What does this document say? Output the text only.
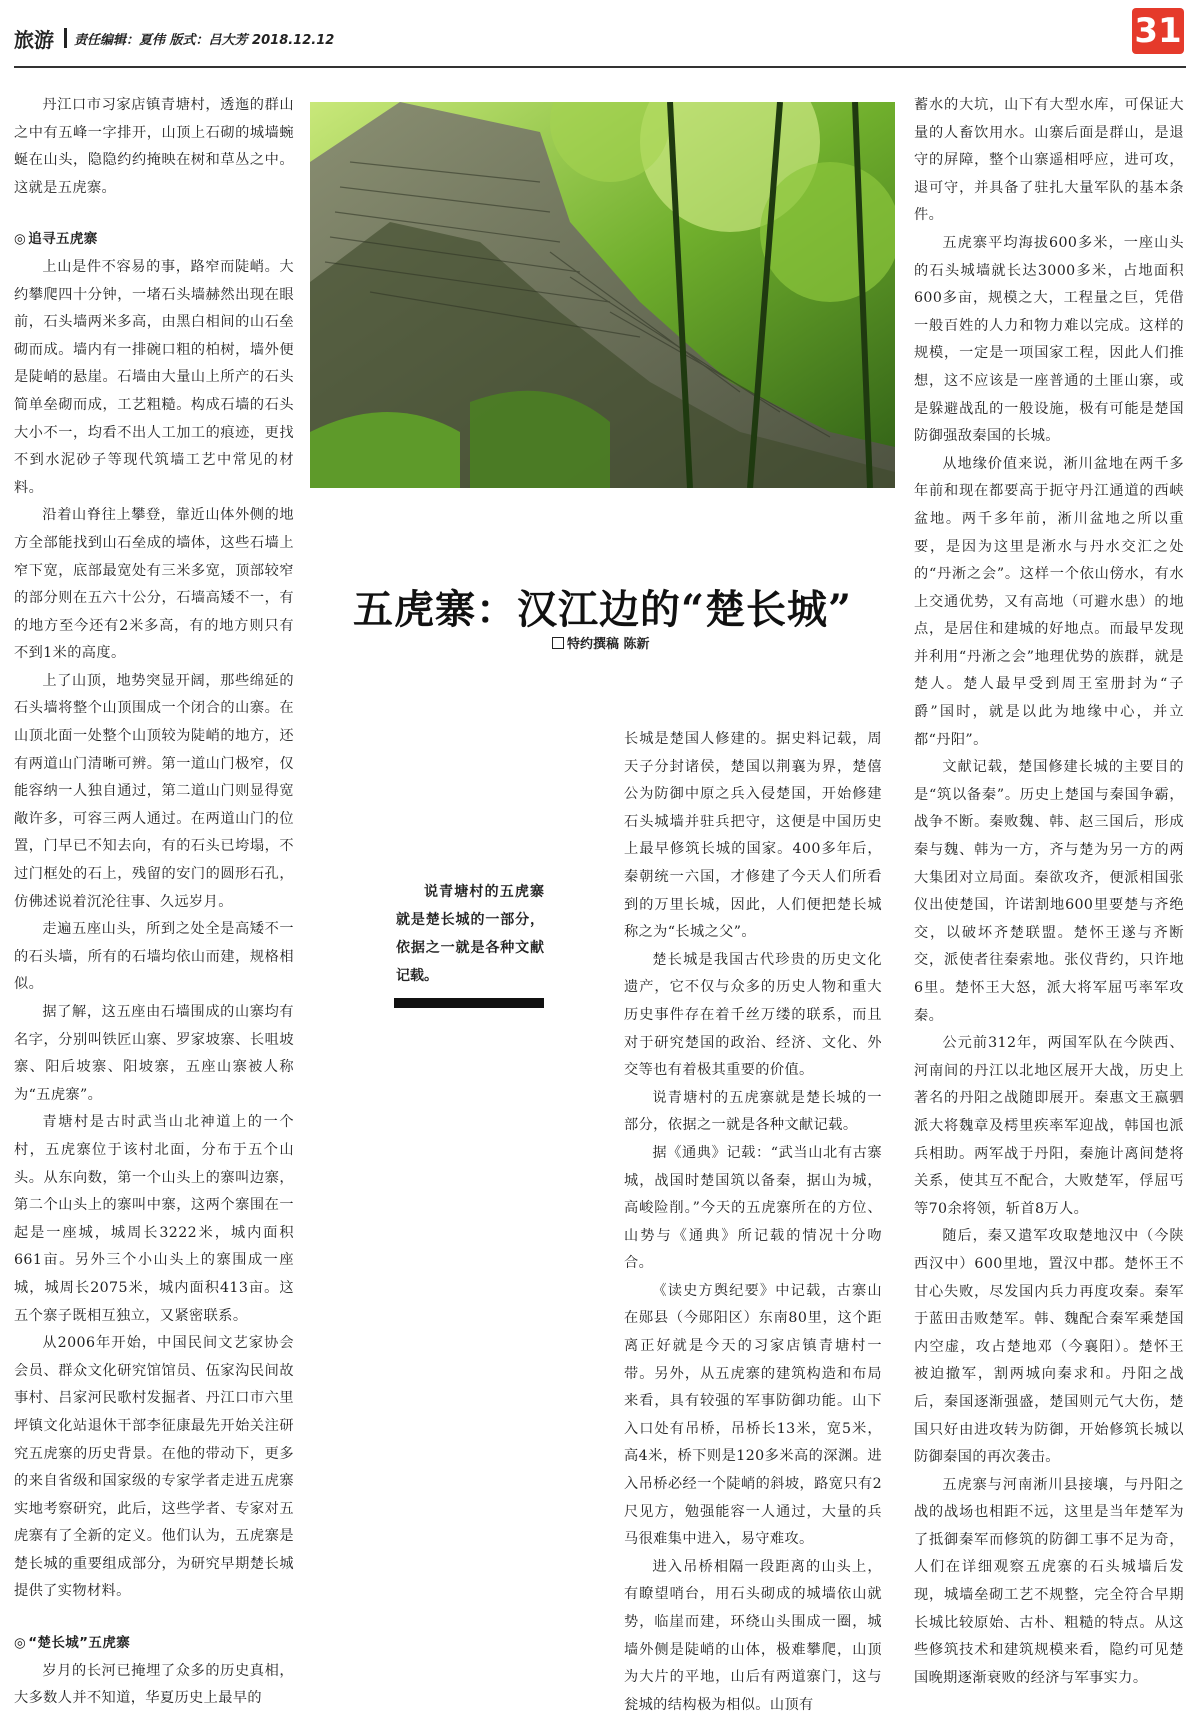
旅游 责任编辑：夏伟 版式：吕大芳 2018.12.12	31

丹江口市习家店镇青塘村，透迤的群山之中有五峰一字排开，山顶上石砌的城墙蜿蜒在山头，隐隐约约掩映在树和草丛之中。这就是五虎寨。

◎ 追寻五虎寨

上山是件不容易的事，路窄而陡峭。大约攀爬四十分钟，一堵石头墙赫然出现在眼前，石头墙两米多高，由黑白相间的山石垒砌而成。墙内有一排碗口粗的柏树，墙外便是陡峭的悬崖。石墙由大量山上所产的石头简单垒砌而成，工艺粗糙。构成石墙的石头大小不一，均看不出人工加工的痕迹，更找不到水泥砂子等现代筑墙工艺中常见的材料。

沿着山脊往上攀登，靠近山体外侧的地方全部能找到山石垒成的墙体，这些石墙上窄下宽，底部最宽处有三米多宽，顶部较窄的部分则在五六十公分，石墙高矮不一，有的地方至今还有2米多高，有的地方则只有不到1米的高度。

上了山顶，地势突显开阔，那些绵延的石头墙将整个山顶围成一个闭合的山寨。在山顶北面一处整个山顶较为陡峭的地方，还有两道山门清晰可辨。第一道山门极窄，仅能容纳一人独自通过，第二道山门则显得宽敞许多，可容三两人通过。在两道山门的位置，门早已不知去向，有的石头已垮塌，不过门框处的石上，残留的安门的圆形石孔，仿佛述说着沉沦往事、久远岁月。

走遍五座山头，所到之处全是高矮不一的石头墙，所有的石墙均依山而建，规格相似。

据了解，这五座由石墙围成的山寨均有名字，分别叫铁匠山寨、罗家坡寨、长咀坡寨、阳后坡寨、阳坡寨，五座山寨被人称为“五虎寨”。

青塘村是古时武当山北神道上的一个村，五虎寨位于该村北面，分布于五个山头。从东向数，第一个山头上的寨叫边寨，第二个山头上的寨叫中寨，这两个寨围在一起是一座城，城周长3222米，城内面积661亩。另外三个小山头上的寨围成一座城，城周长2075米，城内面积413亩。这五个寨子既相互独立，又紧密联系。

从2006年开始，中国民间文艺家协会会员、群众文化研究馆馆员、伍家沟民间故事村、吕家河民歌村发掘者、丹江口市六里坪镇文化站退休干部李征康最先开始关注研究五虎寨的历史背景。在他的带动下，更多的来自省级和国家级的专家学者走进五虎寨实地考察研究，此后，这些学者、专家对五虎寨有了全新的定义。他们认为，五虎寨是楚长城的重要组成部分，为研究早期楚长城提供了实物材料。

◎ “楚长城”五虎寨

岁月的长河已掩埋了众多的历史真相，大多数人并不知道，华夏历史上最早的

五虎寨：汉江边的“楚长城”
特约撰稿 陈新

说青塘村的五虎寨就是楚长城的一部分，依据之一就是各种文献记载。

长城是楚国人修建的。据史料记载，周天子分封诸侯，楚国以荆襄为界，楚僖公为防御中原之兵入侵楚国，开始修建石头城墙并驻兵把守，这便是中国历史上最早修筑长城的国家。400多年后，秦朝统一六国，才修建了今天人们所看到的万里长城，因此，人们便把楚长城称之为“长城之父”。

楚长城是我国古代珍贵的历史文化遗产，它不仅与众多的历史人物和重大历史事件存在着千丝万缕的联系，而且对于研究楚国的政治、经济、文化、外交等也有着极其重要的价值。

说青塘村的五虎寨就是楚长城的一部分，依据之一就是各种文献记载。

据《通典》记载：“武当山北有古寨城，战国时楚国筑以备秦，据山为城，高峻险削。”今天的五虎寨所在的方位、山势与《通典》所记载的情况十分吻合。

《读史方舆纪要》中记载，古寨山在郧县（今郧阳区）东南80里，这个距离正好就是今天的习家店镇青塘村一带。另外，从五虎寨的建筑构造和布局来看，具有较强的军事防御功能。山下入口处有吊桥，吊桥长13米，宽5米，高4米，桥下则是120多米高的深渊。进入吊桥必经一个陡峭的斜坡，路宽只有2尺见方，勉强能容一人通过，大量的兵马很难集中进入，易守难攻。

进入吊桥相隔一段距离的山头上，有瞭望哨台，用石头砌成的城墙依山就势，临崖而建，环绕山头围成一圈，城墙外侧是陡峭的山体，极难攀爬，山顶为大片的平地，山后有两道寨门，这与瓮城的结构极为相似。山顶有

蓄水的大坑，山下有大型水库，可保证大量的人畜饮用水。山寨后面是群山，是退守的屏障，整个山寨遥相呼应，进可攻，退可守，并具备了驻扎大量军队的基本条件。

五虎寨平均海拔600多米，一座山头的石头城墙就长达3000多米，占地面积600多亩，规模之大，工程量之巨，凭借一般百姓的人力和物力难以完成。这样的规模，一定是一项国家工程，因此人们推想，这不应该是一座普通的土匪山寨，或是躲避战乱的一般设施，极有可能是楚国防御强敌秦国的长城。

从地缘价值来说，淅川盆地在两千多年前和现在都要高于扼守丹江通道的西峡盆地。两千多年前，淅川盆地之所以重要，是因为这里是淅水与丹水交汇之处的“丹淅之会”。这样一个依山傍水，有水上交通优势，又有高地（可避水患）的地点，是居住和建城的好地点。而最早发现并利用“丹淅之会”地理优势的族群，就是楚人。楚人最早受到周王室册封为“子爵”国时，就是以此为地缘中心，并立都“丹阳”。

文献记载，楚国修建长城的主要目的是“筑以备秦”。历史上楚国与秦国争霸，战争不断。秦败魏、韩、赵三国后，形成秦与魏、韩为一方，齐与楚为另一方的两大集团对立局面。秦欲攻齐，便派相国张仪出使楚国，许诺割地600里要楚与齐绝交，以破坏齐楚联盟。楚怀王遂与齐断交，派使者往秦索地。张仪背约，只许地6里。楚怀王大怒，派大将军屈丐率军攻秦。

公元前312年，两国军队在今陕西、河南间的丹江以北地区展开大战，历史上著名的丹阳之战随即展开。秦惠文王嬴驷派大将魏章及樗里疾率军迎战，韩国也派兵相助。两军战于丹阳，秦施计离间楚将关系，使其互不配合，大败楚军，俘屈丐等70余将领，斩首8万人。

随后，秦又遣军攻取楚地汉中（今陕西汉中）600里地，置汉中郡。楚怀王不甘心失败，尽发国内兵力再度攻秦。秦军于蓝田击败楚军。韩、魏配合秦军乘楚国内空虚，攻占楚地邓（今襄阳）。楚怀王被迫撤军，割两城向秦求和。丹阳之战后，秦国逐渐强盛，楚国则元气大伤，楚国只好由进攻转为防御，开始修筑长城以防御秦国的再次袭击。

五虎寨与河南淅川县接壤，与丹阳之战的战场也相距不远，这里是当年楚军为了抵御秦军而修筑的防御工事不足为奇，人们在详细观察五虎寨的石头城墙后发现，城墙垒砌工艺不规整，完全符合早期长城比较原始、古朴、粗糙的特点。从这些修筑技术和建筑规模来看，隐约可见楚国晚期逐渐衰败的经济与军事实力。
